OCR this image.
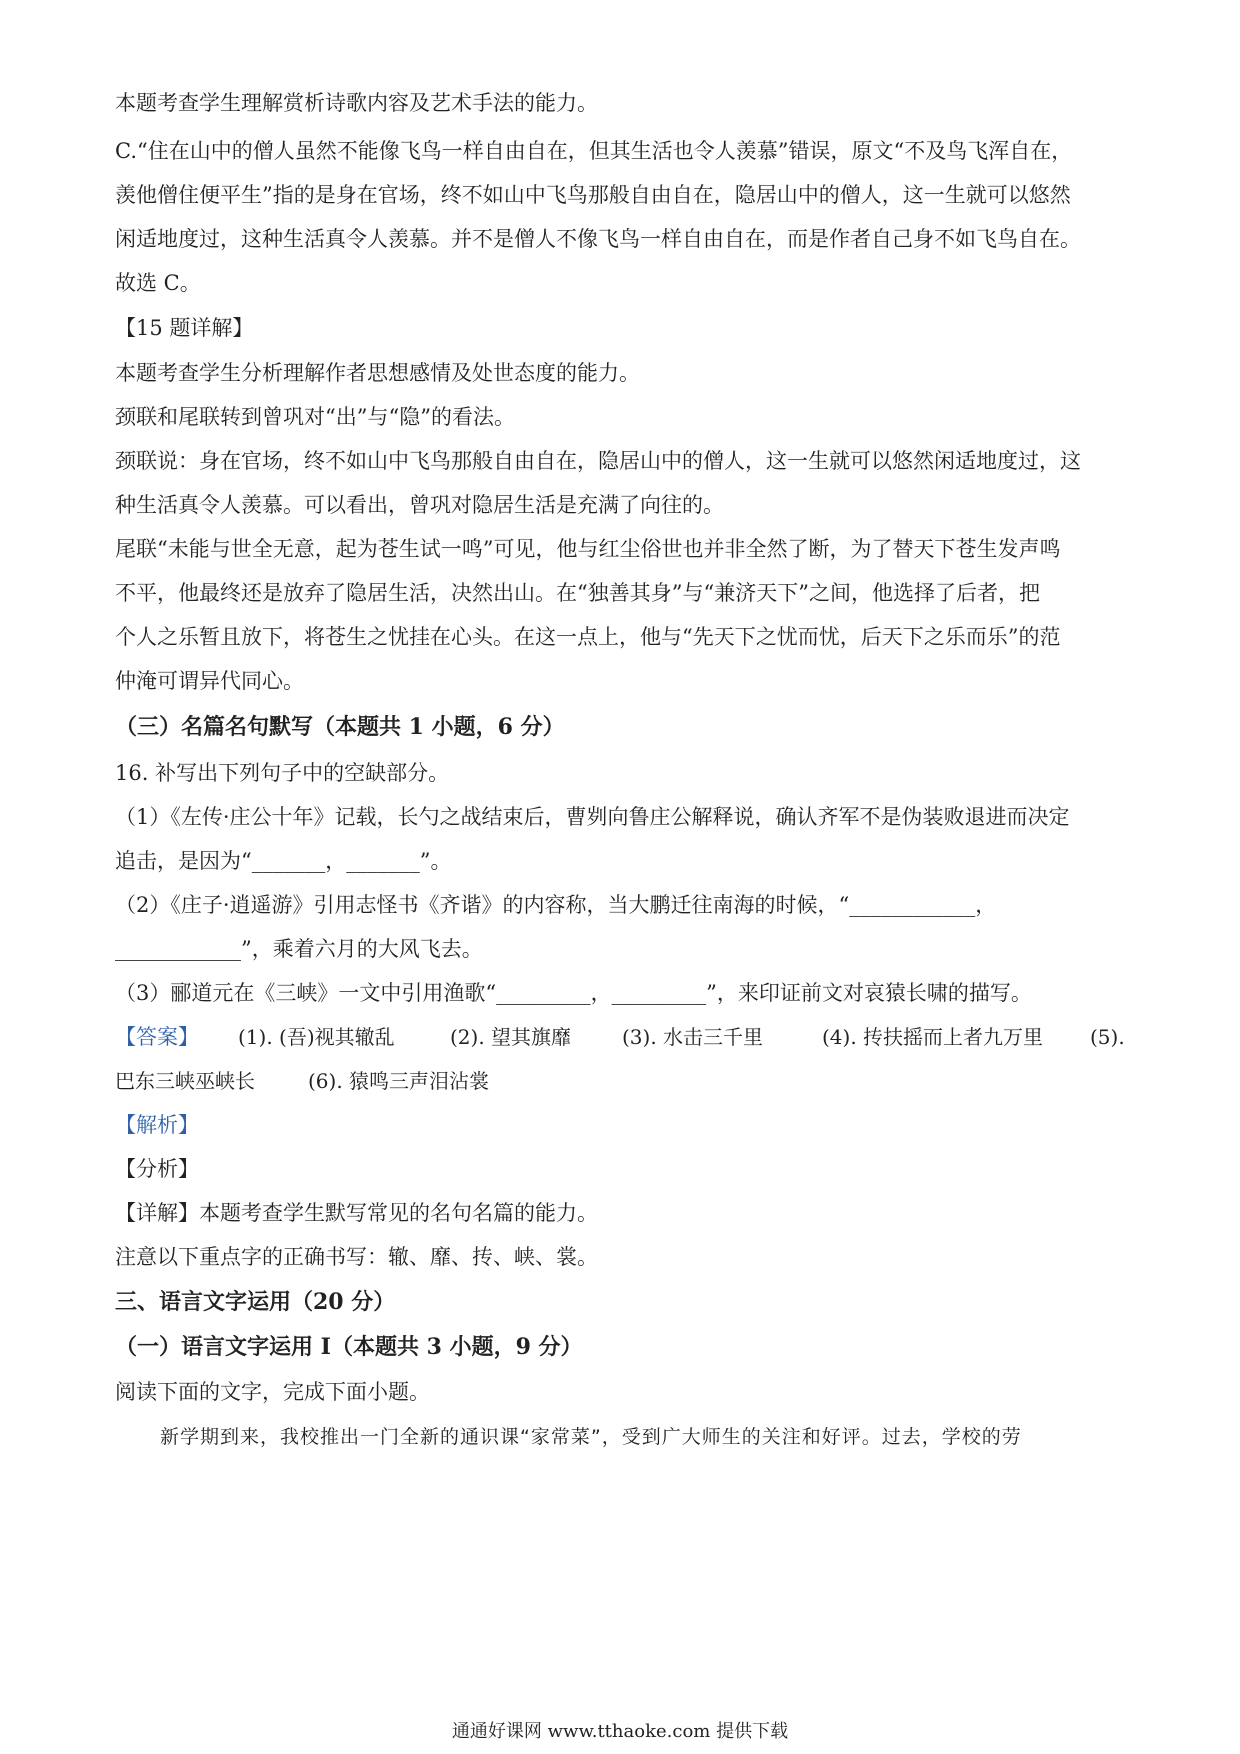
本题考查学生理解赏析诗歌内容及艺术手法的能力。
C.“住在山中的僧人虽然不能像飞鸟一样自由自在，但其生活也令人羡慕”错误，原文“不及鸟飞浑自在，
羡他僧住便平生”指的是身在官场，终不如山中飞鸟那般自由自在，隐居山中的僧人，这一生就可以悠然
闲适地度过，这种生活真令人羡慕。并不是僧人不像飞鸟一样自由自在，而是作者自己身不如飞鸟自在。
故选 C。
【15 题详解】
本题考查学生分析理解作者思想感情及处世态度的能力。
颈联和尾联转到曾巩对“出”与“隐”的看法。
颈联说：身在官场，终不如山中飞鸟那般自由自在，隐居山中的僧人，这一生就可以悠然闲适地度过，这
种生活真令人羡慕。可以看出，曾巩对隐居生活是充满了向往的。
尾联“未能与世全无意，起为苍生试一鸣”可见，他与红尘俗世也并非全然了断，为了替天下苍生发声鸣
不平，他最终还是放弃了隐居生活，决然出山。在“独善其身”与“兼济天下”之间，他选择了后者，把
个人之乐暂且放下，将苍生之忧挂在心头。在这一点上，他与“先天下之忧而忧，后天下之乐而乐”的范
仲淹可谓异代同心。
（三）名篇名句默写（本题共 1 小题，6 分）
16. 补写出下列句子中的空缺部分。
（1）《左传·庄公十年》记载，长勺之战结束后，曹刿向鲁庄公解释说，确认齐军不是伪装败退进而决定
追击，是因为“_______，_______”。
（2）《庄子·逍遥游》引用志怪书《齐谐》的内容称，当大鹏迁往南海的时候，“____________，
____________”，乘着六月的大风飞去。
（3）郦道元在《三峡》一文中引用渔歌“_________，_________”，来印证前文对哀猿长啸的描写。
【答案】 (1). (吾)视其辙乱	(2). 望其旗靡	(3). 水击三千里	(4). 抟扶摇而上者九万里 (5).
巴东三峡巫峡长	(6). 猿鸣三声泪沾裳
【解析】
【分析】
【详解】本题考查学生默写常见的名句名篇的能力。
注意以下重点字的正确书写：辙、靡、抟、峡、裳。
三、语言文字运用（20 分）
（一）语言文字运用 I（本题共 3 小题，9 分）
阅读下面的文字，完成下面小题。
新学期到来，我校推出一门全新的通识课“家常菜”，受到广大师生的关注和好评。过去，学校的劳
通通好课网 www.tthaoke.com 提供下载
